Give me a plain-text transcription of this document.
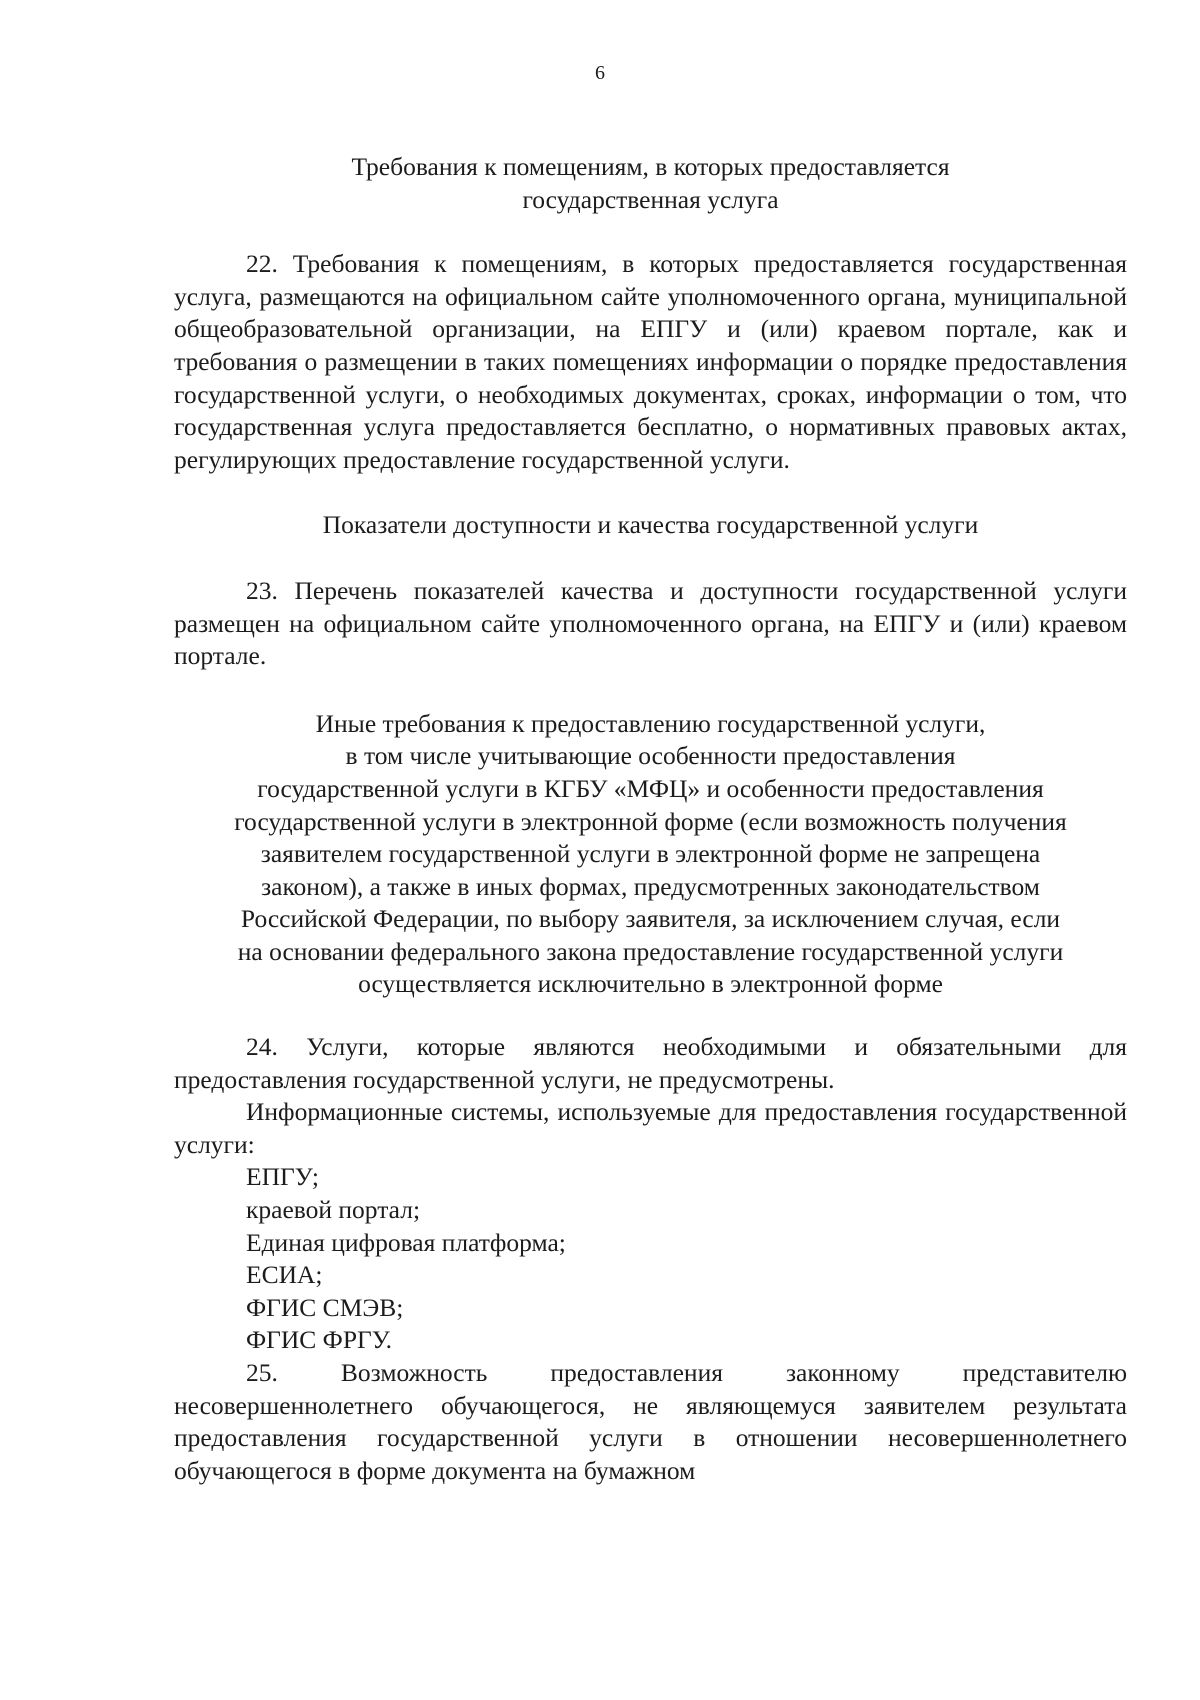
6

Требования к помещениям, в которых предоставляется
государственная услуга

22. Требования к помещениям, в которых предоставляется государственная услуга, размещаются на официальном сайте уполномоченного органа, муниципальной общеобразовательной организации, на ЕПГУ и (или) краевом портале, как и требования о размещении в таких помещениях информации о порядке предоставления государственной услуги, о необходимых документах, сроках, информации о том, что государственная услуга предоставляется бесплатно, о нормативных правовых актах, регулирующих предоставление государственной услуги.

Показатели доступности и качества государственной услуги

23. Перечень показателей качества и доступности государственной услуги размещен на официальном сайте уполномоченного органа, на ЕПГУ и (или) краевом портале.

Иные требования к предоставлению государственной услуги,
в том числе учитывающие особенности предоставления
государственной услуги в КГБУ «МФЦ» и особенности предоставления
государственной услуги в электронной форме (если возможность получения
заявителем государственной услуги в электронной форме не запрещена
законом), а также в иных формах, предусмотренных законодательством
Российской Федерации, по выбору заявителя, за исключением случая, если
на основании федерального закона предоставление государственной услуги
осуществляется исключительно в электронной форме

24. Услуги, которые являются необходимыми и обязательными для предоставления государственной услуги, не предусмотрены.

Информационные системы, используемые для предоставления государственной услуги:

ЕПГУ;

краевой портал;

Единая цифровая платформа;

ЕСИА;

ФГИС СМЭВ;

ФГИС ФРГУ.

25. Возможность предоставления законному представителю несовершеннолетнего обучающегося, не являющемуся заявителем результата предоставления государственной услуги в отношении несовершеннолетнего обучающегося в форме документа на бумажном
